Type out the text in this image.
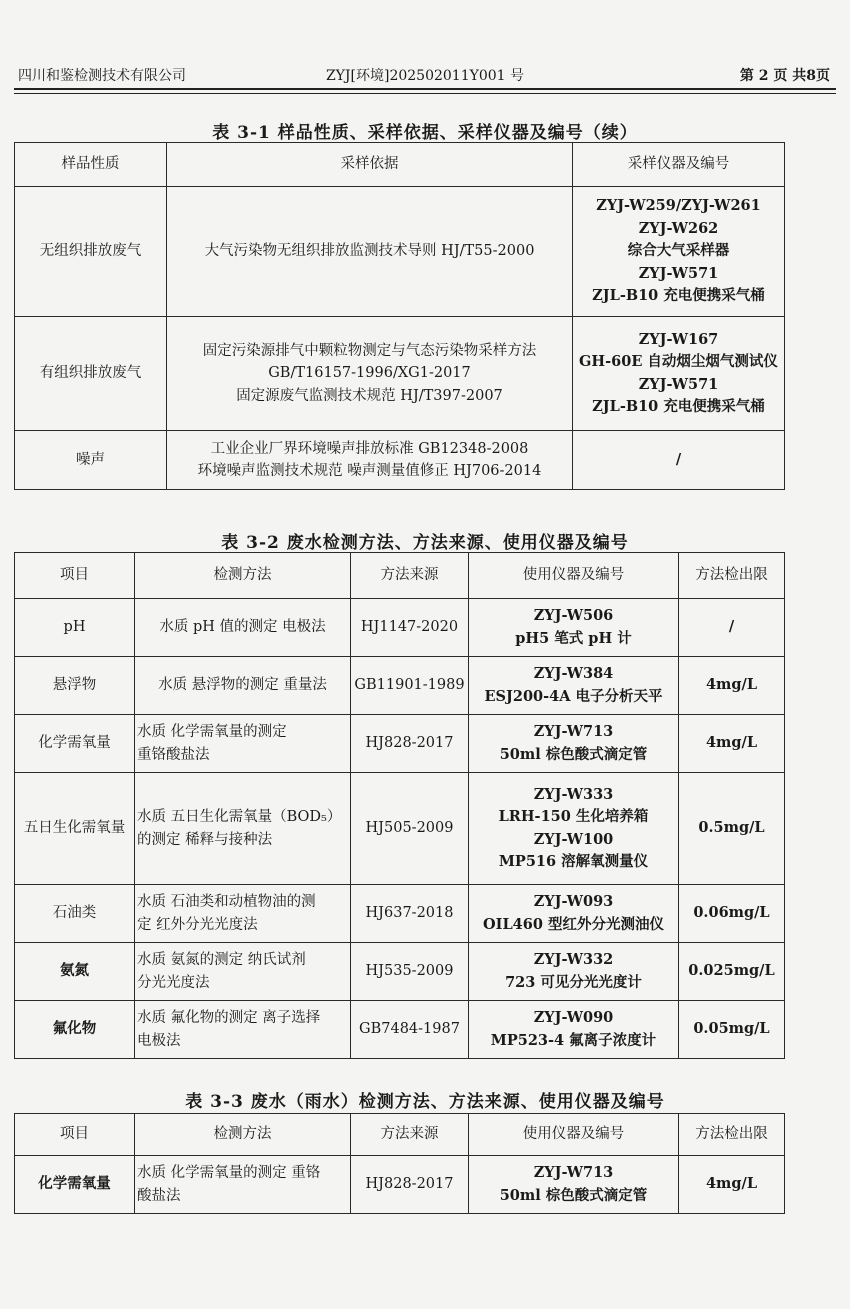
四川和鉴检测技术有限公司	ZYJ[环境]202502011Y001 号	第 2 页 共8页
表 3-1 样品性质、采样依据、采样仪器及编号（续）
样品性质	采样依据	采样仪器及编号
无组织排放废气	大气污染物无组织排放监测技术导则 HJ/T55-2000	ZYJ-W259/ZYJ-W261
ZYJ-W262
综合大气采样器
ZYJ-W571
ZJL-B10 充电便携采气桶

有组织排放废气	固定污染源排气中颗粒物测定与气态污染物采样方法
GB/T16157-1996/XG1-2017
固定源废气监测技术规范 HJ/T397-2007	ZYJ-W167
GH-60E 自动烟尘烟气测试仪
ZYJ-W571
ZJL-B10 充电便携采气桶

噪声	工业企业厂界环境噪声排放标准 GB12348-2008
环境噪声监测技术规范 噪声测量值修正 HJ706-2014	/
表 3-2 废水检测方法、方法来源、使用仪器及编号
项目	检测方法	方法来源	使用仪器及编号	方法检出限
pH	水质 pH 值的测定 电极法	HJ1147-2020	ZYJ-W506
pH5 笔式 pH 计	/
悬浮物	水质 悬浮物的测定 重量法	GB11901-1989	ZYJ-W384
ESJ200-4A 电子分析天平	4mg/L
化学需氧量	水质 化学需氧量的测定
重铬酸盐法	HJ828-2017	ZYJ-W713
50ml 棕色酸式滴定管	4mg/L
五日生化需氧量	水质 五日生化需氧量（BOD₅）
的测定 稀释与接种法	HJ505-2009	ZYJ-W333
LRH-150 生化培养箱
ZYJ-W100
MP516 溶解氧测量仪	0.5mg/L
石油类	水质 石油类和动植物油的测
定 红外分光光度法	HJ637-2018	ZYJ-W093
OIL460 型红外分光测油仪	0.06mg/L
氨氮	水质 氨氮的测定 纳氏试剂
分光光度法	HJ535-2009	ZYJ-W332
723 可见分光光度计	0.025mg/L
氟化物	水质 氟化物的测定 离子选择
电极法	GB7484-1987	ZYJ-W090
MP523-4 氟离子浓度计	0.05mg/L
表 3-3 废水（雨水）检测方法、方法来源、使用仪器及编号
项目	检测方法	方法来源	使用仪器及编号	方法检出限
化学需氧量	水质 化学需氧量的测定 重铬
酸盐法	HJ828-2017	ZYJ-W713
50ml 棕色酸式滴定管	4mg/L
